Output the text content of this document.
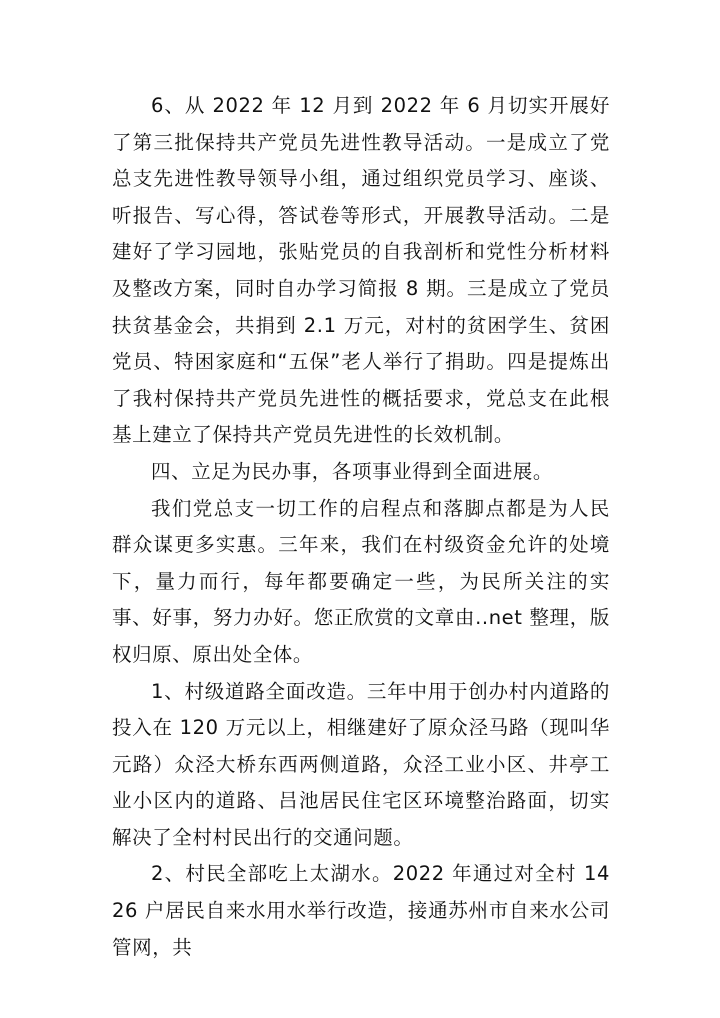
6、从 2022 年 12 月到 2022 年 6 月切实开展好了第三批保持共产党员先进性教导活动。一是成立了党总支先进性教导领导小组，通过组织党员学习、座谈、听报告、写心得，答试卷等形式，开展教导活动。二是建好了学习园地，张贴党员的自我剖析和党性分析材料及整改方案，同时自办学习简报 8 期。三是成立了党员扶贫基金会，共捐到 2.1 万元，对村的贫困学生、贫困党员、特困家庭和“五保”老人举行了捐助。四是提炼出了我村保持共产党员先进性的概括要求，党总支在此根基上建立了保持共产党员先进性的长效机制。

四、立足为民办事，各项事业得到全面进展。

我们党总支一切工作的启程点和落脚点都是为人民群众谋更多实惠。三年来，我们在村级资金允许的处境下，量力而行，每年都要确定一些，为民所关注的实事、好事，努力办好。您正欣赏的文章由..net 整理，版权归原、原出处全体。

1、村级道路全面改造。三年中用于创办村内道路的投入在 120 万元以上，相继建好了原众泾马路（现叫华元路）众泾大桥东西两侧道路，众泾工业小区、井亭工业小区内的道路、吕池居民住宅区环境整治路面，切实解决了全村村民出行的交通问题。

2、村民全部吃上太湖水。2022 年通过对全村 1426 户居民自来水用水举行改造，接通苏州市自来水公司管网，共
